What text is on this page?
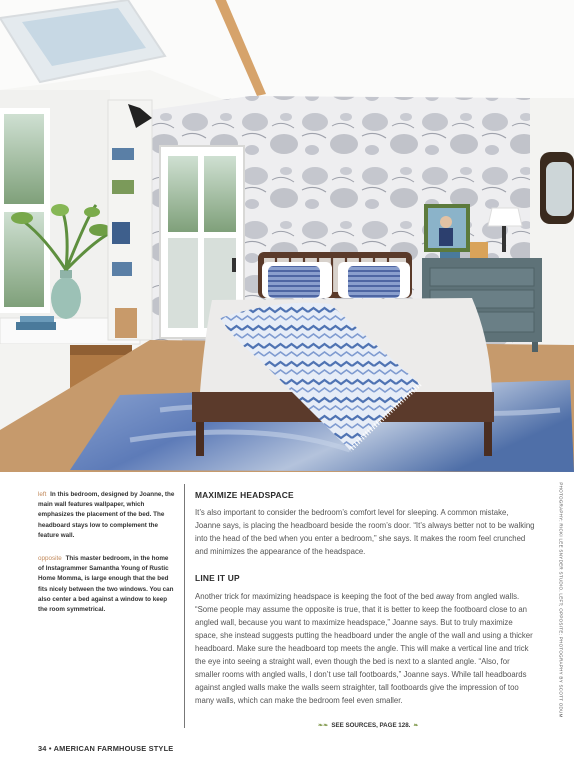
left In this bedroom, designed by Joanne, the main wall features wallpaper, which emphasizes the placement of the bed. The headboard stays low to complement the feature wall.

opposite This master bedroom, in the home of Instagrammer Samantha Young of Rustic Home Momma, is large enough that the bed fits nicely between the two windows. You can also center a bed against a window to keep the room symmetrical.

MAXIMIZE HEADSPACE

It’s also important to consider the bedroom’s comfort level for sleeping. A common mistake, Joanne says, is placing the headboard beside the room’s door. “It’s always better not to be walking into the head of the bed when you enter a bedroom,” she says. It makes the room feel crunched and minimizes the appearance of the headspace.

LINE IT UP

Another trick for maximizing headspace is keeping the foot of the bed away from angled walls. “Some people may assume the opposite is true, that it is better to keep the footboard close to an angled wall, because you want to maximize headspace,” Joanne says. But to truly maximize space, she instead suggests putting the headboard under the angle of the wall and using a thicker headboard. Make sure the headboard top meets the angle. This will make a vertical line and trick the eye into seeing a straight wall, even though the bed is next to a slanted angle. “Also, for smaller rooms with angled walls, I don’t use tall footboards,” Joanne says. While tall headboards against angled walls make the walls seem straighter, tall footboards give the impression of too many walls, which can make the bedroom feel even smaller.

❧❧ SEE SOURCES, PAGE 128. ❧
34 • AMERICAN FARMHOUSE STYLE
PHOTOGRAPHY: RICKI LEE SNYDER STUDIO. LEFT; OPPOSITE: PHOTOGRAPHY BY SCOTT ODUM
